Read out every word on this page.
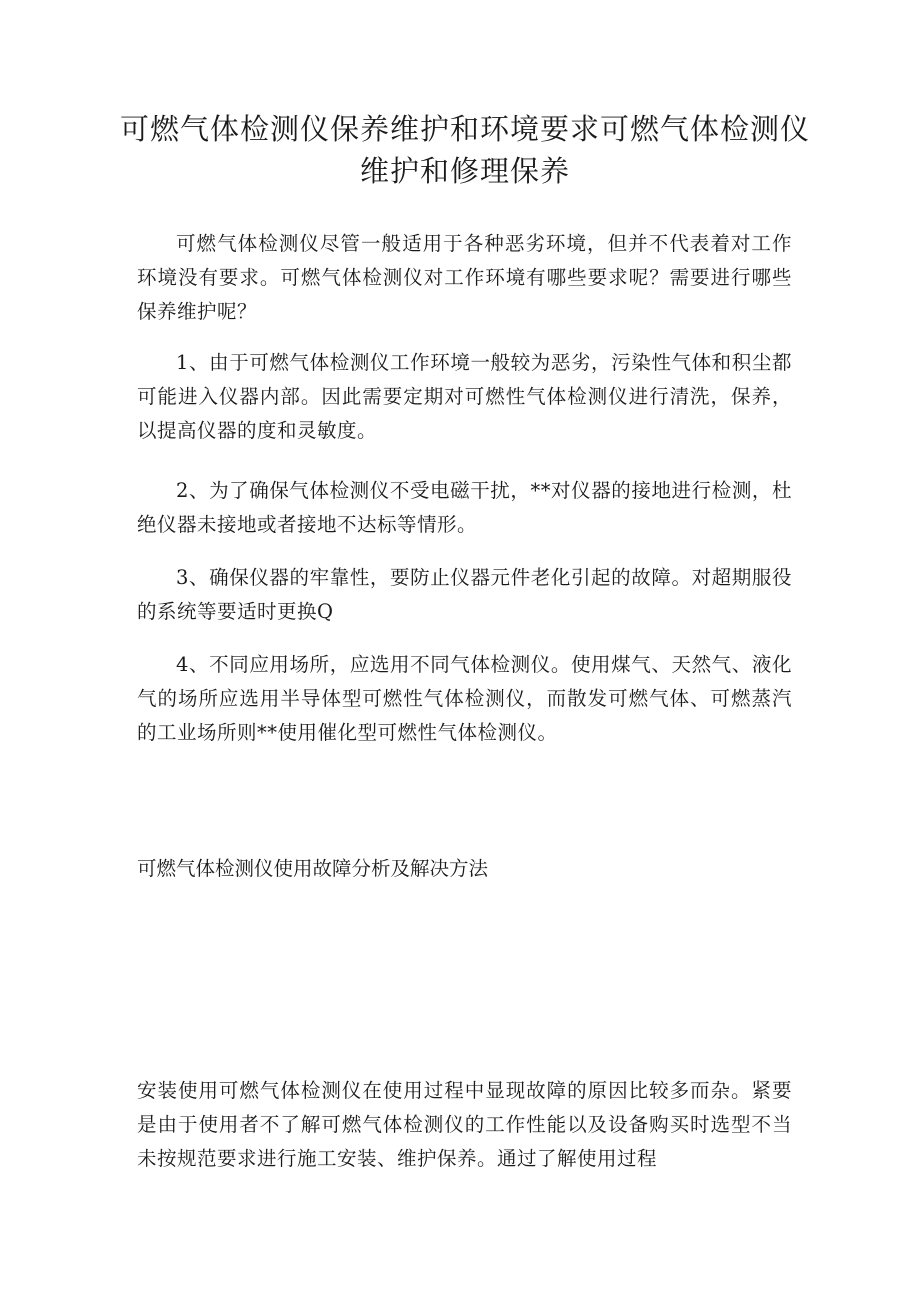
可燃气体检测仪保养维护和环境要求可燃气体检测仪维护和修理保养

可燃气体检测仪尽管一般适用于各种恶劣环境，但并不代表着对工作环境没有要求。可燃气体检测仪对工作环境有哪些要求呢？需要进行哪些保养维护呢？

1、由于可燃气体检测仪工作环境一般较为恶劣，污染性气体和积尘都可能进入仪器内部。因此需要定期对可燃性气体检测仪进行清洗，保养，以提高仪器的度和灵敏度。

2、为了确保气体检测仪不受电磁干扰，**对仪器的接地进行检测，杜绝仪器未接地或者接地不达标等情形。

3、确保仪器的牢靠性，要防止仪器元件老化引起的故障。对超期服役的系统等要适时更换Q

4、不同应用场所，应选用不同气体检测仪。使用煤气、天然气、液化气的场所应选用半导体型可燃性气体检测仪，而散发可燃气体、可燃蒸汽的工业场所则**使用催化型可燃性气体检测仪。

可燃气体检测仪使用故障分析及解决方法

安装使用可燃气体检测仪在使用过程中显现故障的原因比较多而杂。紧要是由于使用者不了解可燃气体检测仪的工作性能以及设备购买时选型不当未按规范要求进行施工安装、维护保养。通过了解使用过程
